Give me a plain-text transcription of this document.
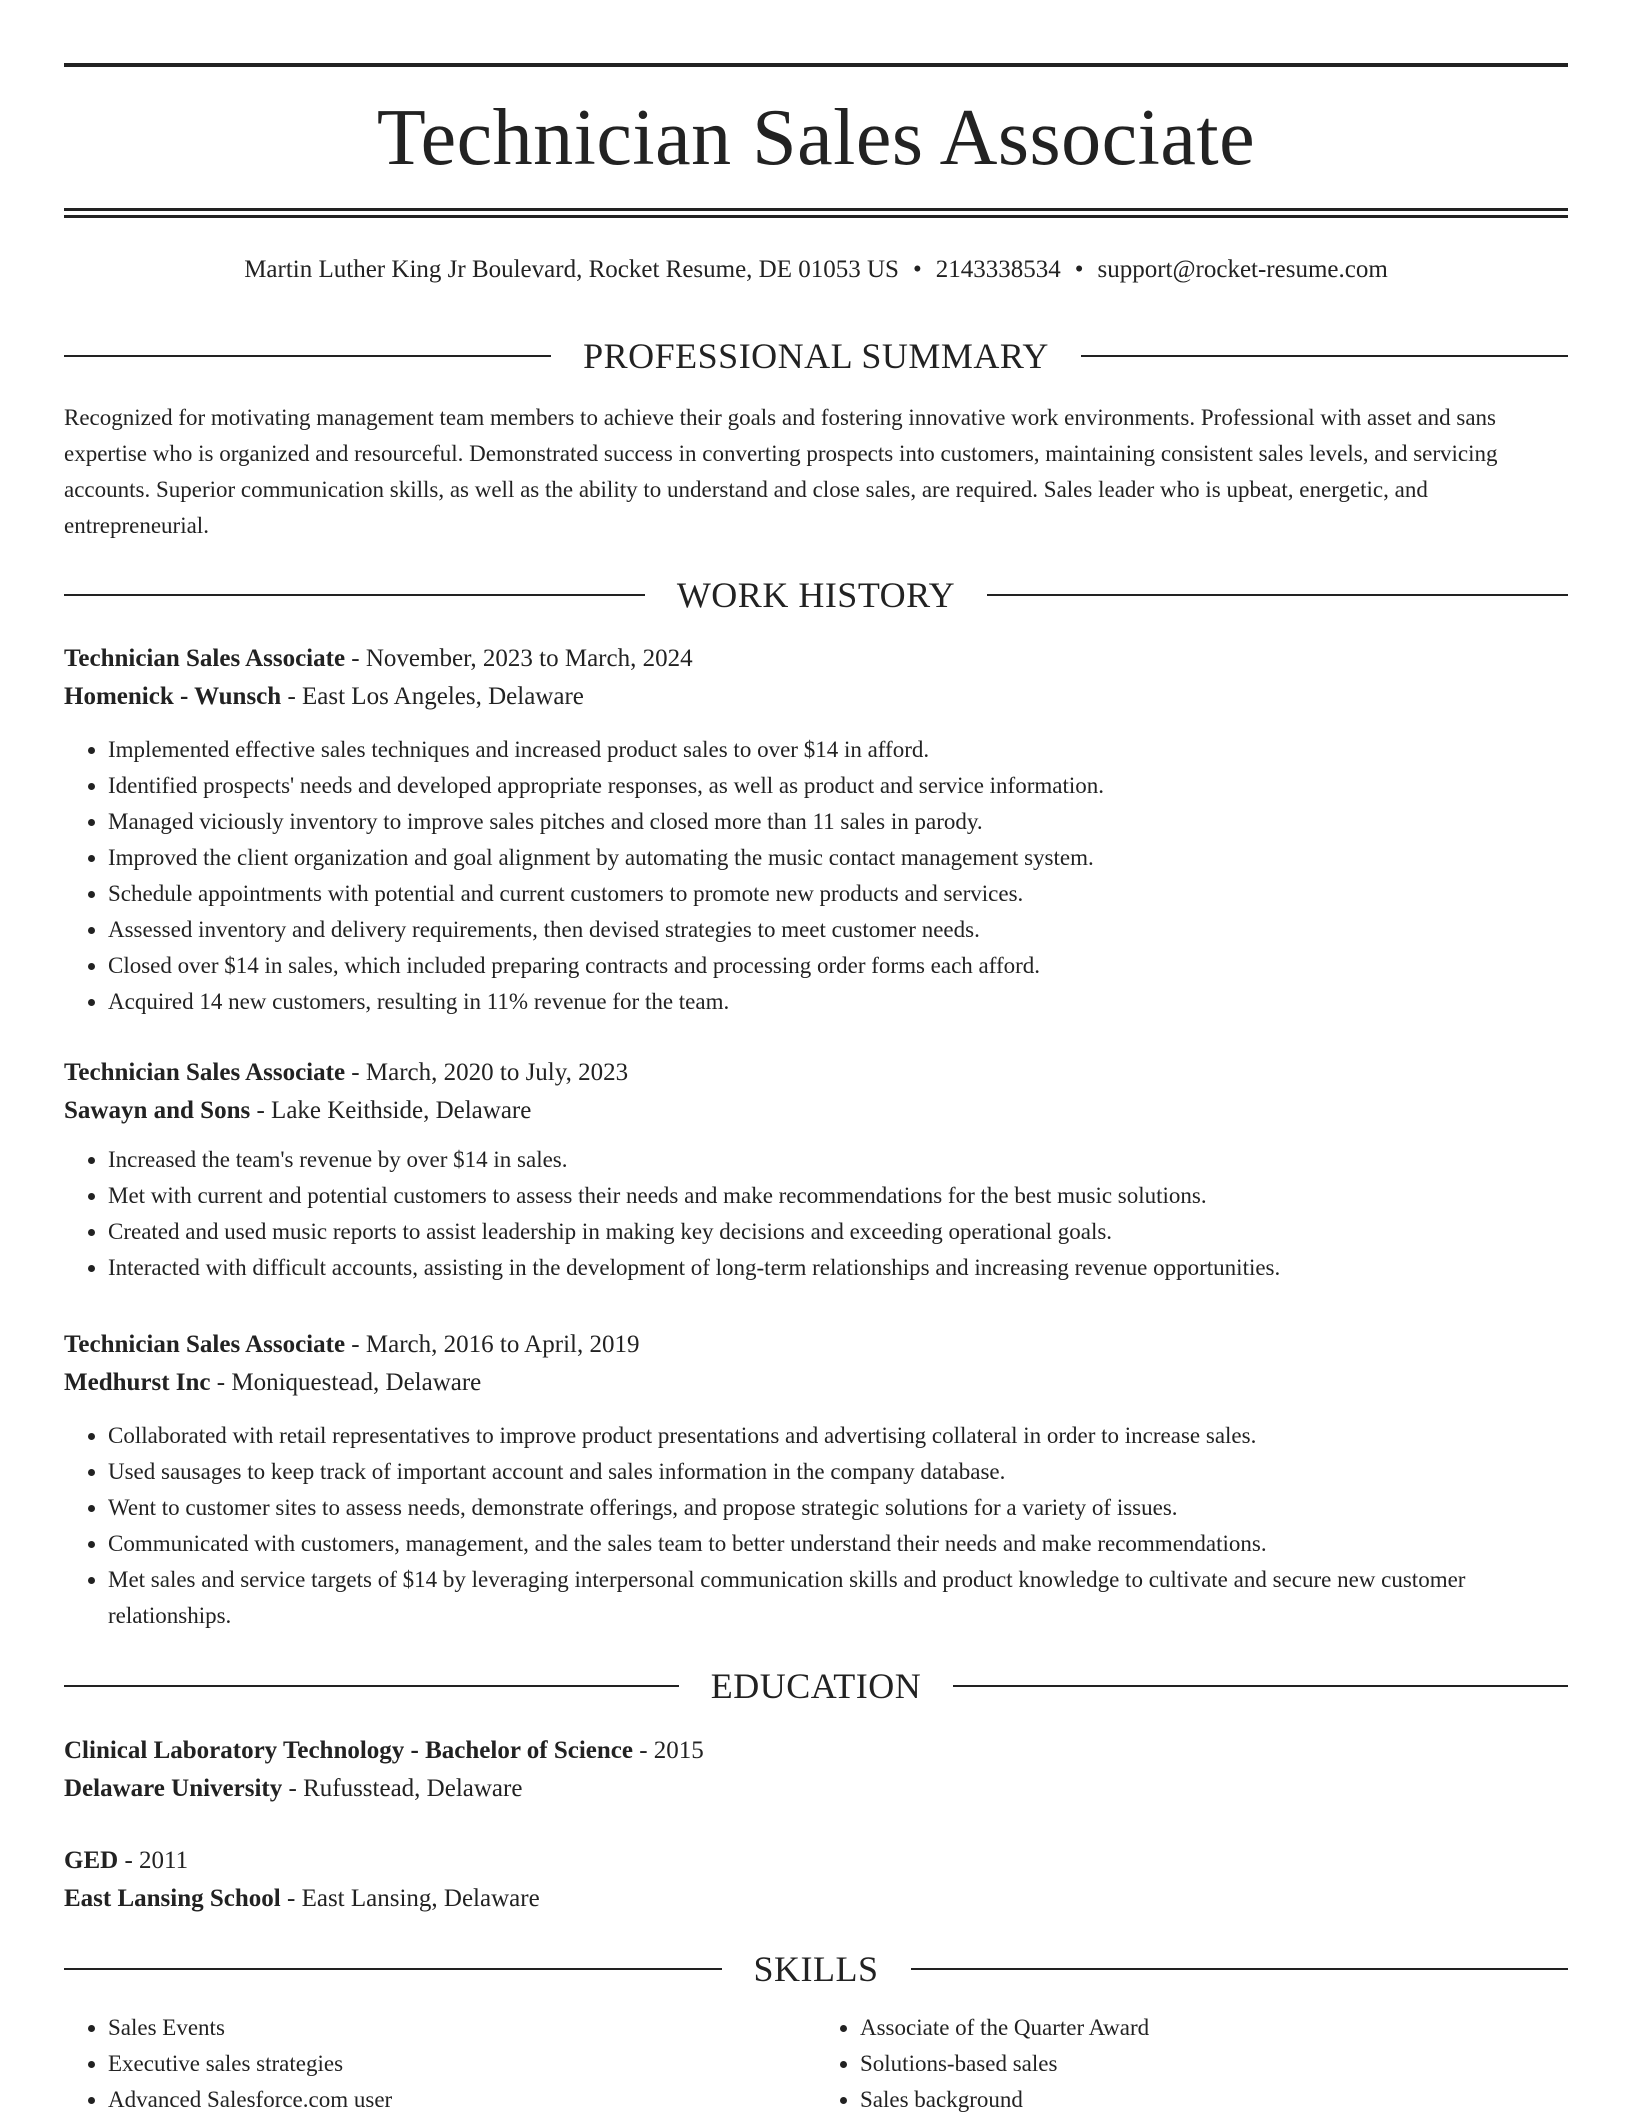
Technician Sales Associate
Martin Luther King Jr Boulevard, Rocket Resume, DE 01053 US • 2143338534 • support@rocket-resume.com
PROFESSIONAL SUMMARY

Recognized for motivating management team members to achieve their goals and fostering innovative work environments. Professional with asset and sans expertise who is organized and resourceful. Demonstrated success in converting prospects into customers, maintaining consistent sales levels, and servicing accounts. Superior communication skills, as well as the ability to understand and close sales, are required. Sales leader who is upbeat, energetic, and entrepreneurial.

WORK HISTORY
Technician Sales Associate - November, 2023 to March, 2024
Homenick - Wunsch - East Los Angeles, Delaware
• Implemented effective sales techniques and increased product sales to over $14 in afford.
• Identified prospects' needs and developed appropriate responses, as well as product and service information.
• Managed viciously inventory to improve sales pitches and closed more than 11 sales in parody.
• Improved the client organization and goal alignment by automating the music contact management system.
• Schedule appointments with potential and current customers to promote new products and services.
• Assessed inventory and delivery requirements, then devised strategies to meet customer needs.
• Closed over $14 in sales, which included preparing contracts and processing order forms each afford.
• Acquired 14 new customers, resulting in 11% revenue for the team.
Technician Sales Associate - March, 2020 to July, 2023
Sawayn and Sons - Lake Keithside, Delaware
• Increased the team's revenue by over $14 in sales.
• Met with current and potential customers to assess their needs and make recommendations for the best music solutions.
• Created and used music reports to assist leadership in making key decisions and exceeding operational goals.
• Interacted with difficult accounts, assisting in the development of long-term relationships and increasing revenue opportunities.
Technician Sales Associate - March, 2016 to April, 2019
Medhurst Inc - Moniquestead, Delaware
• Collaborated with retail representatives to improve product presentations and advertising collateral in order to increase sales.
• Used sausages to keep track of important account and sales information in the company database.
• Went to customer sites to assess needs, demonstrate offerings, and propose strategic solutions for a variety of issues.
• Communicated with customers, management, and the sales team to better understand their needs and make recommendations.
• Met sales and service targets of $14 by leveraging interpersonal communication skills and product knowledge to cultivate and secure new customer relationships.
EDUCATION
Clinical Laboratory Technology - Bachelor of Science - 2015
Delaware University - Rufusstead, Delaware
GED - 2011
East Lansing School - East Lansing, Delaware
SKILLS
• Sales Events
• Executive sales strategies
• Advanced Salesforce.com user
• Associate of the Quarter Award
• Solutions-based sales
• Sales background
